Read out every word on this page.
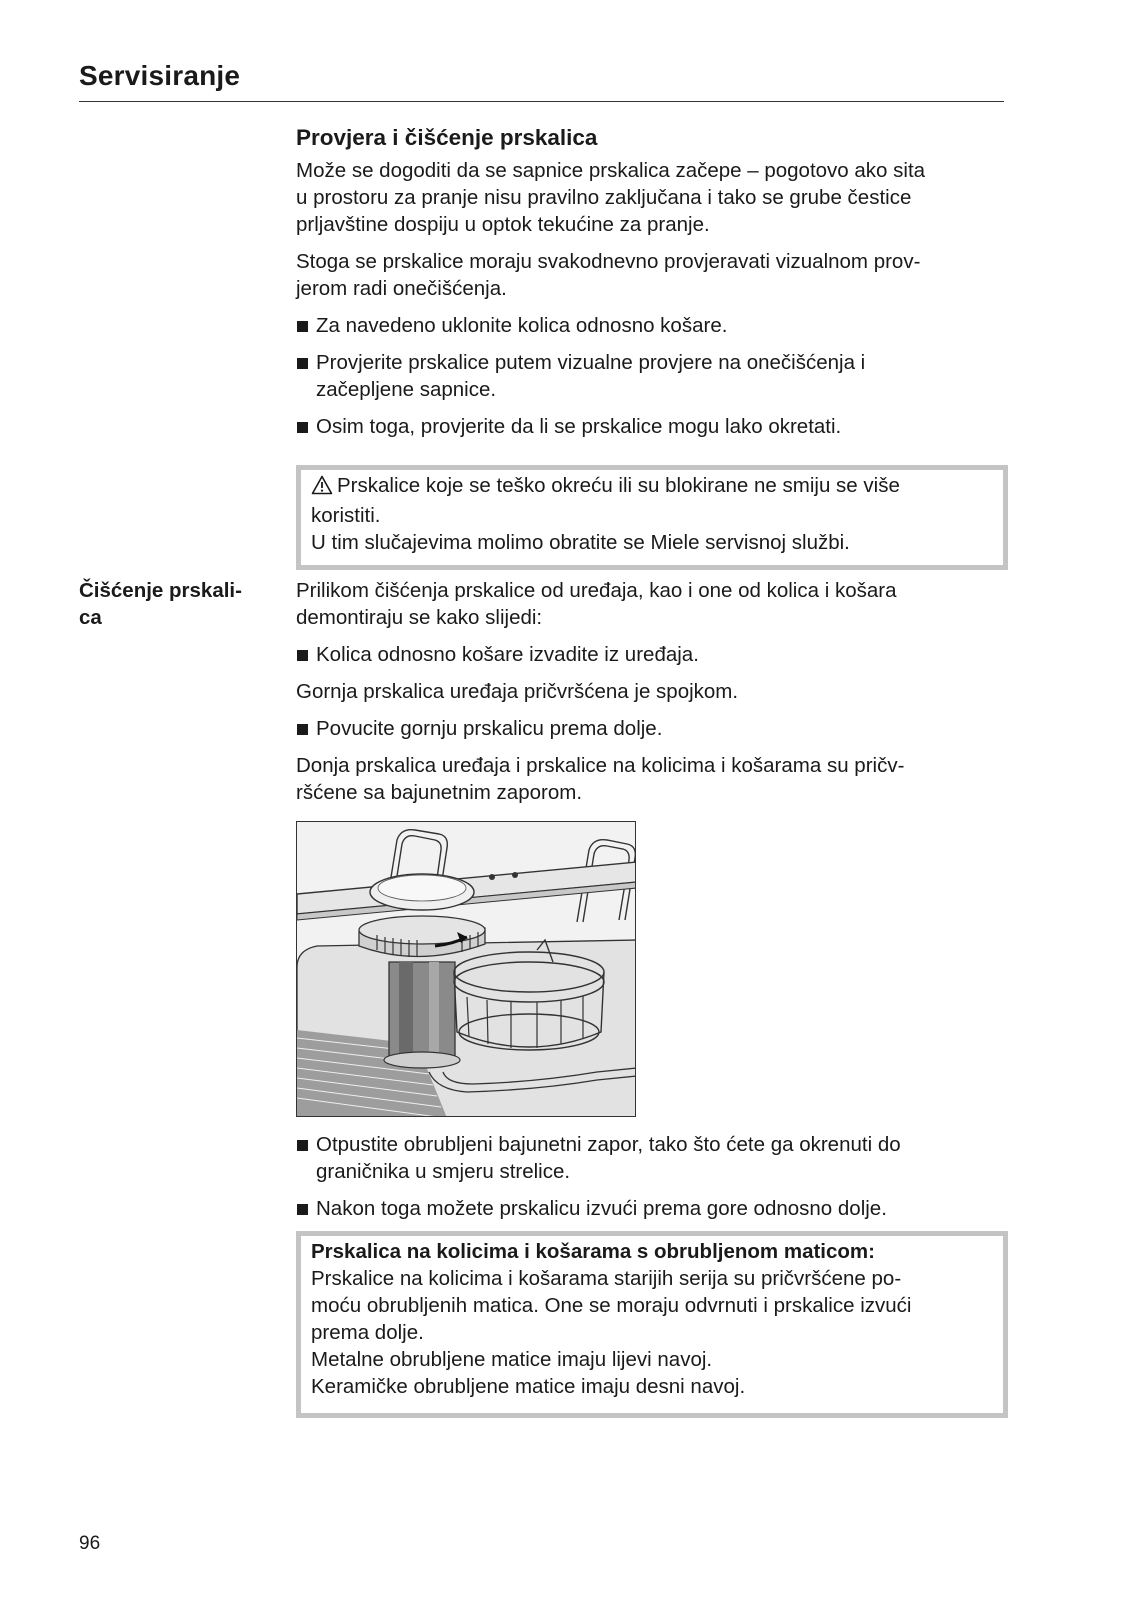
Servisiranje
Provjera i čišćenje prskalica

Može se dogoditi da se sapnice prskalica začepe – pogotovo ako sita
u prostoru za pranje nisu pravilno zaključana i tako se grube čestice
prljavštine dospiju u optok tekućine za pranje.

Stoga se prskalice moraju svakodnevno provjeravati vizualnom prov-
jerom radi onečišćenja.

Za navedeno uklonite kolica odnosno košare.

Provjerite prskalice putem vizualne provjere na onečišćenja i
začepljene sapnice.

Osim toga, provjerite da li se prskalice mogu lako okretati.

Prskalice koje se teško okreću ili su blokirane ne smiju se više
koristiti.
U tim slučajevima molimo obratite se Miele servisnoj službi.
Čišćenje prskali-
ca

Prilikom čišćenja prskalice od uređaja, kao i one od kolica i košara
demontiraju se kako slijedi:

Kolica odnosno košare izvadite iz uređaja.

Gornja prskalica uređaja pričvršćena je spojkom.

Povucite gornju prskalicu prema dolje.

Donja prskalica uređaja i prskalice na kolicima i košarama su pričv-
ršćene sa bajunetnim zaporom.

Otpustite obrubljeni bajunetni zapor, tako što ćete ga okrenuti do
graničnika u smjeru strelice.

Nakon toga možete prskalicu izvući prema gore odnosno dolje.

Prskalica na kolicima i košarama s obrubljenom maticom:
Prskalice na kolicima i košarama starijih serija su pričvršćene po-
moću obrubljenih matica. One se moraju odvrnuti i prskalice izvući
prema dolje.
Metalne obrubljene matice imaju lijevi navoj.
Keramičke obrubljene matice imaju desni navoj.
96
